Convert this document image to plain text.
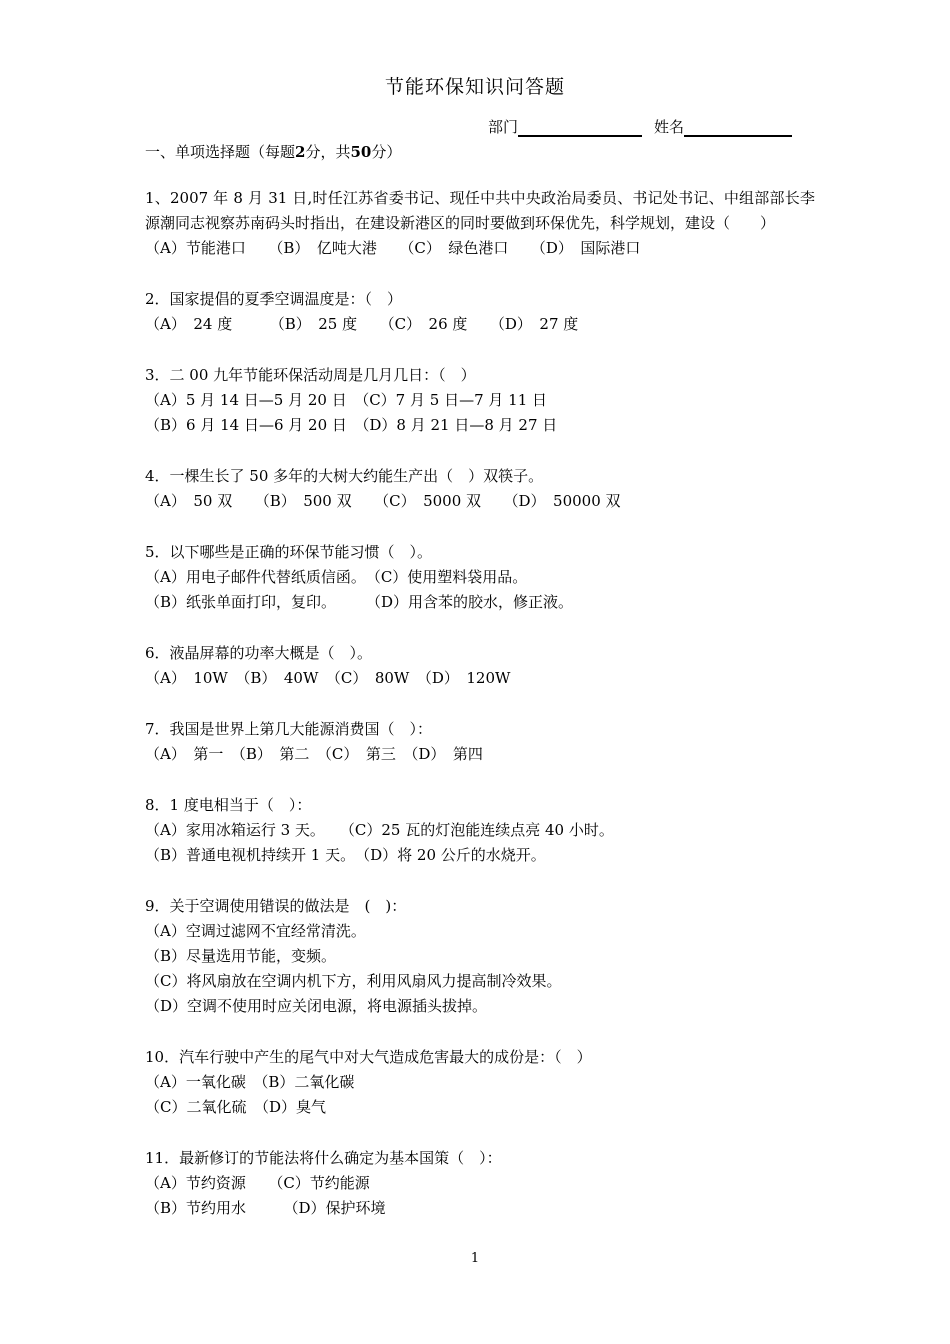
节能环保知识问答题
部门	姓名
一、单项选择题（每题2分，共50分）
1、2007 年 8 月 31 日,时任江苏省委书记、现任中共中央政治局委员、书记处书记、中组部部长李源潮同志视察苏南码头时指出，在建设新港区的同时要做到环保优先，科学规划，建设（　　）
（A）节能港口　　（B）　亿吨大港　　（C）　绿色港口　　（D）　国际港口
2．国家提倡的夏季空调温度是：（　）
（A）　24 度　　　（B）　25 度　　（C）　26 度　　（D）　27 度
3．二 00 九年节能环保活动周是几月几日：（　）
（A）5 月 14 日—5 月 20 日　（C）7 月 5 日—7 月 11 日
（B）6 月 14 日—6 月 20 日　（D）8 月 21 日—8 月 27 日
4．一棵生长了 50 多年的大树大约能生产出（　）双筷子。
（A）　50 双　　（B）　500 双　　（C）　5000 双　　（D）　50000 双
5．以下哪些是正确的环保节能习惯（　）。
（A）用电子邮件代替纸质信函。　（C）使用塑料袋用品。
（B）纸张单面打印，复印。　　　（D）用含苯的胶水，修正液。
6．液晶屏幕的功率大概是（　）。
（A）　10W　（B）　40W　（C）　80W　（D）　120W
7．我国是世界上第几大能源消费国（　）：
（A）　第一　（B）　第二　（C）　第三　（D）　第四
8．1 度电相当于（　）：
（A）家用冰箱运行 3 天。　　（C）25 瓦的灯泡能连续点亮 40 小时。
（B）普通电视机持续开 1 天。　（D）将 20 公斤的水烧开。
9．关于空调使用错误的做法是　(　)：
（A）空调过滤网不宜经常清洗。
（B）尽量选用节能，变频。
（C）将风扇放在空调内机下方，利用风扇风力提高制冷效果。
（D）空调不使用时应关闭电源，将电源插头拔掉。
10．汽车行驶中产生的尾气中对大气造成危害最大的成份是：（　）
（A）一氧化碳　（B）二氧化碳
（C）二氧化硫　（D）臭气
11．最新修订的节能法将什么确定为基本国策（　）：
（A）节约资源　　（C）节约能源
（B）节约用水　　　（D）保护环境
1
